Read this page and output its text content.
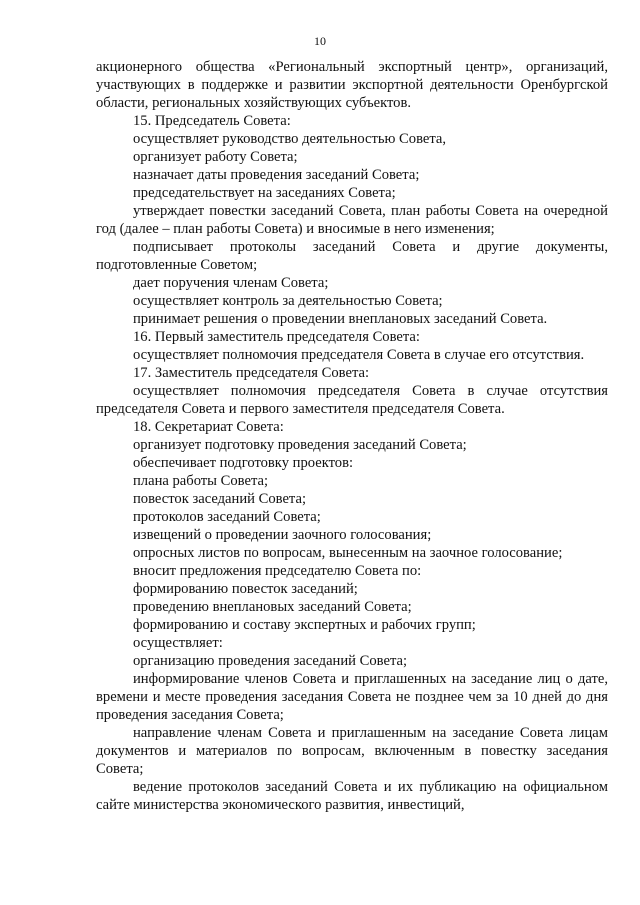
10

акционерного общества «Региональный экспортный центр», организаций, участвующих в поддержке и развитии экспортной деятельности Оренбургской области, региональных хозяйствующих субъектов.

15. Председатель Совета:

осуществляет руководство деятельностью Совета,

организует работу Совета;

назначает даты проведения заседаний Совета;

председательствует на заседаниях Совета;

утверждает повестки заседаний Совета, план работы Совета на очередной год (далее – план работы Совета) и вносимые в него изменения;

подписывает протоколы заседаний Совета и другие документы, подготовленные Советом;

дает поручения членам Совета;

осуществляет контроль за деятельностью Совета;

принимает решения о проведении внеплановых заседаний Совета.

16. Первый заместитель председателя Совета:

осуществляет полномочия председателя Совета в случае его отсутствия.

17. Заместитель председателя Совета:

осуществляет полномочия председателя Совета в случае отсутствия председателя Совета и первого заместителя председателя Совета.

18. Секретариат Совета:

организует подготовку проведения заседаний Совета;

обеспечивает подготовку проектов:

плана работы Совета;

повесток заседаний Совета;

протоколов заседаний Совета;

извещений о проведении заочного голосования;

опросных листов по вопросам, вынесенным на заочное голосование;

вносит предложения председателю Совета по:

формированию повесток заседаний;

проведению внеплановых заседаний Совета;

формированию и составу экспертных и рабочих групп;

осуществляет:

организацию проведения заседаний Совета;

информирование членов Совета и приглашенных на заседание лиц о дате, времени и месте проведения заседания Совета не позднее чем за 10 дней до дня проведения заседания Совета;

направление членам Совета и приглашенным на заседание Совета лицам документов и материалов по вопросам, включенным в повестку заседания Совета;

ведение протоколов заседаний Совета и их публикацию на официальном сайте министерства экономического развития, инвестиций,
